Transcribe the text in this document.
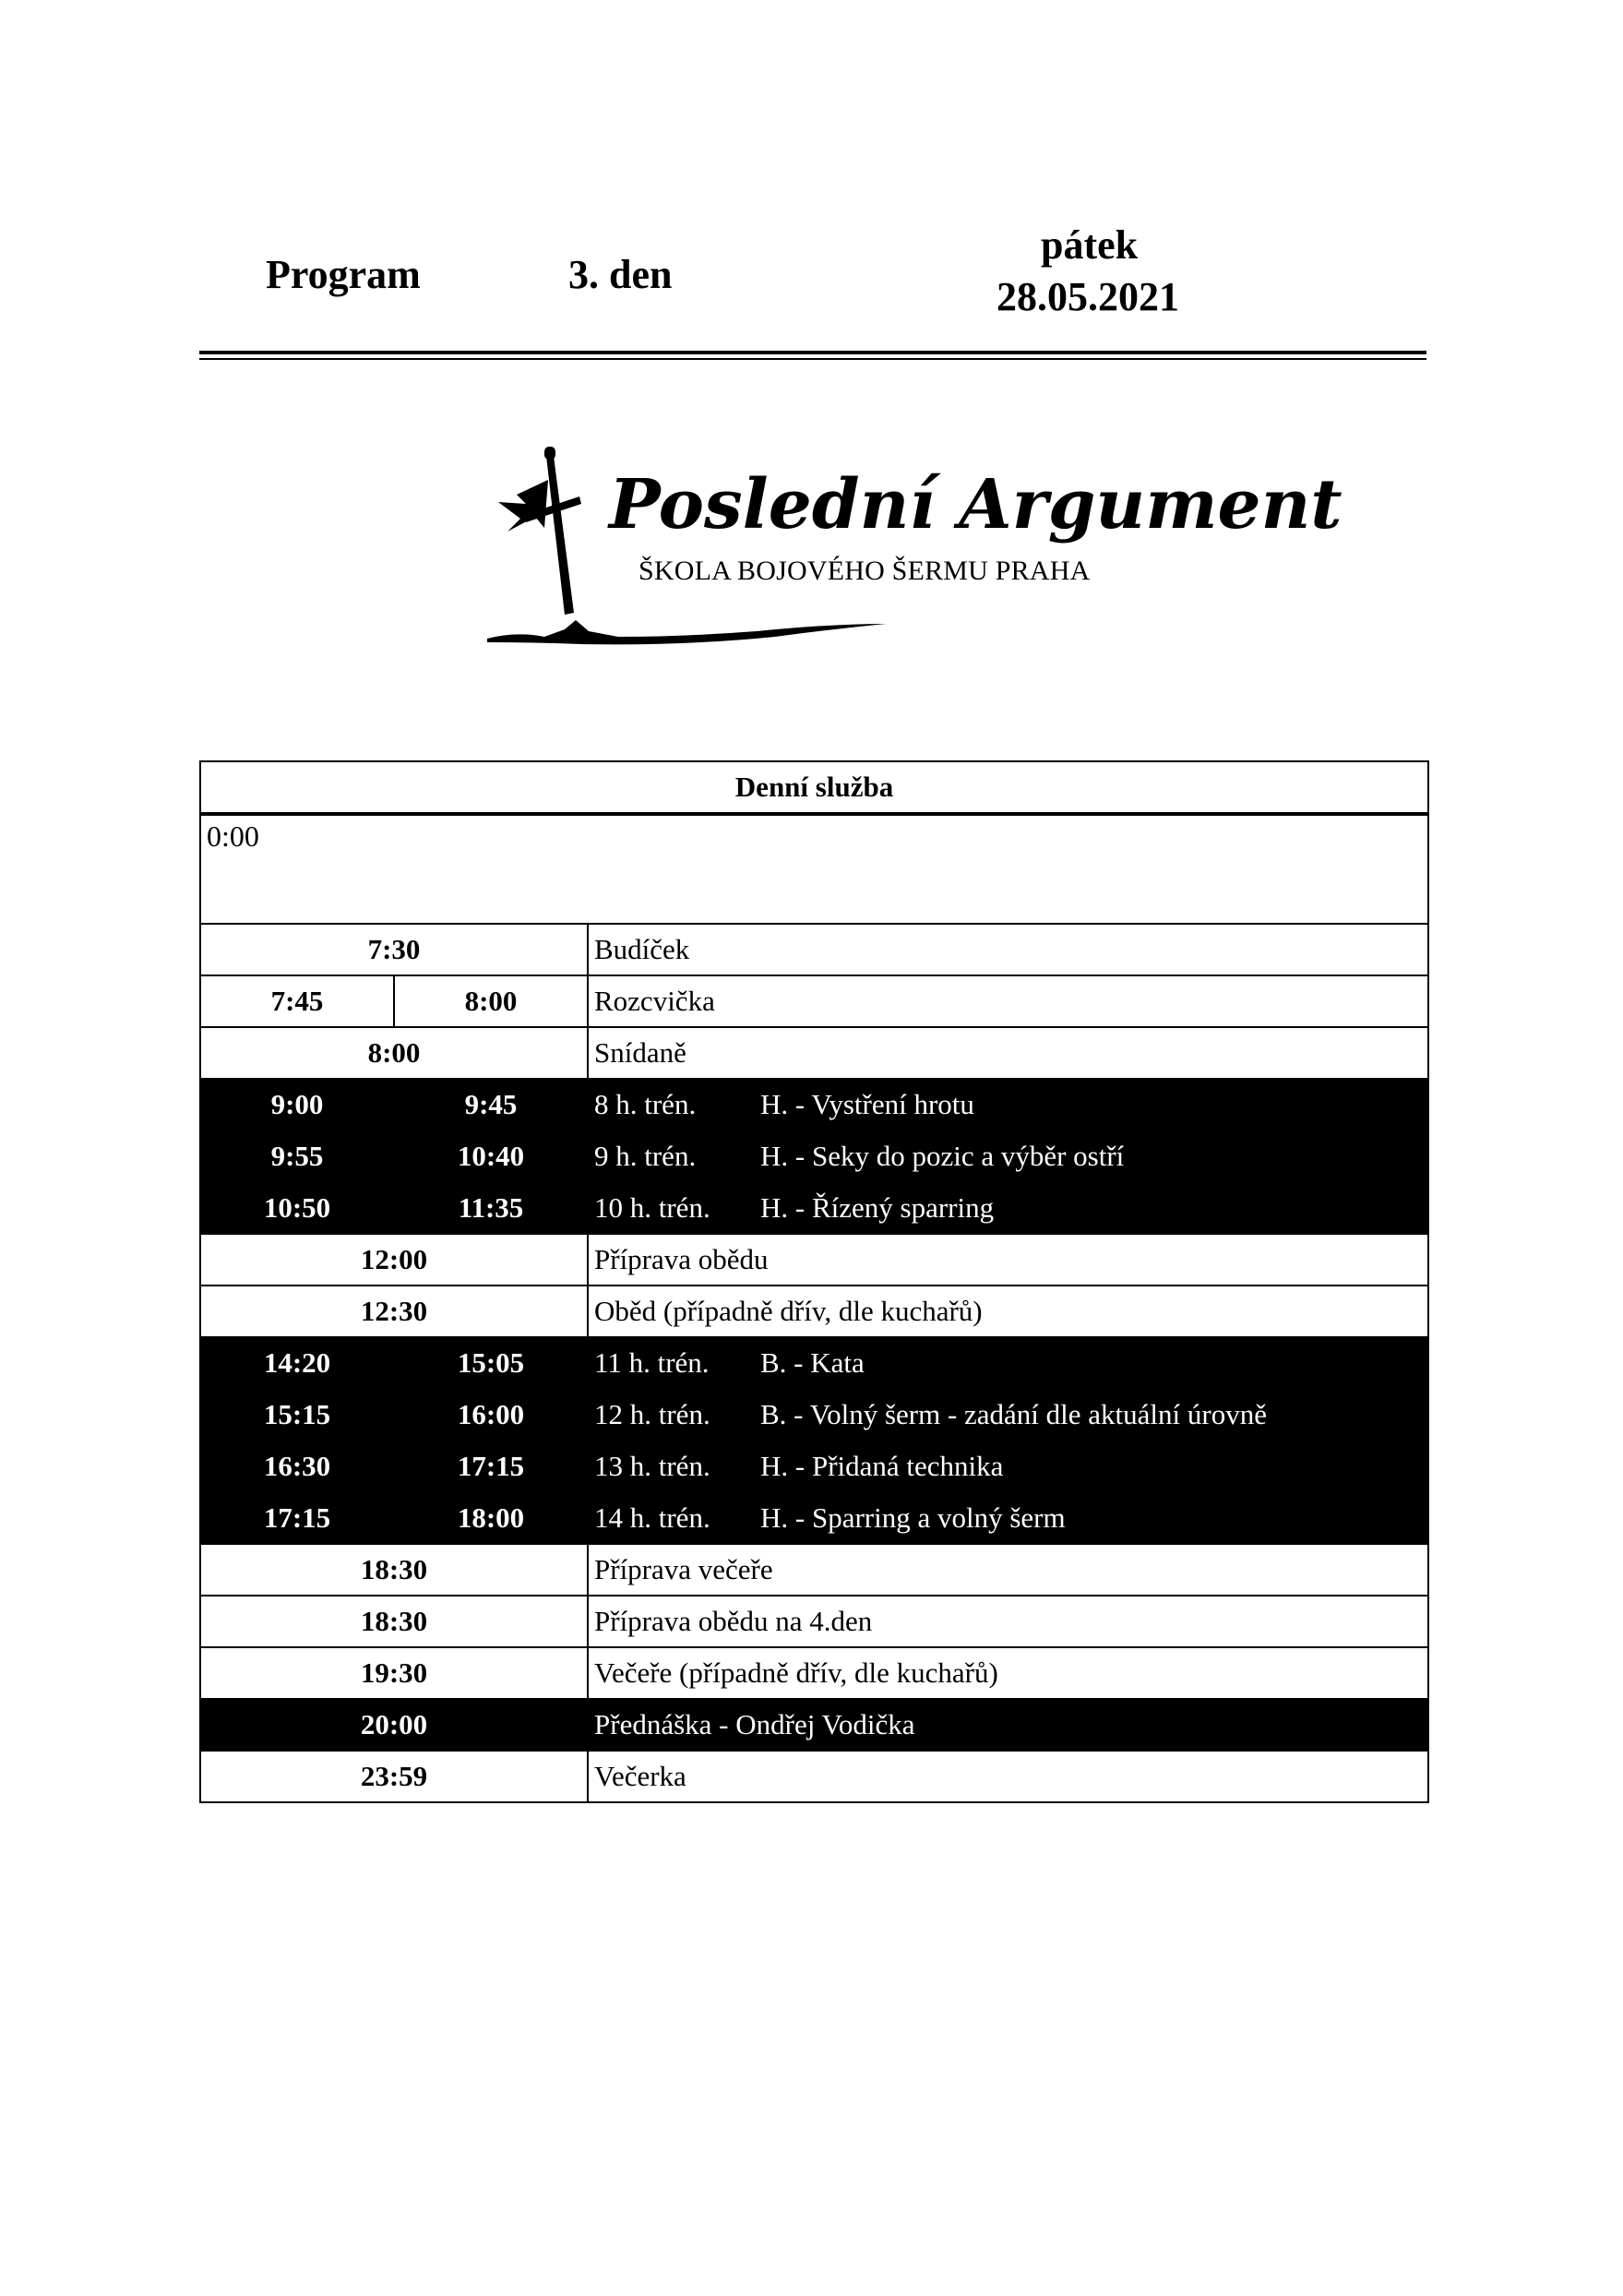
Program	3. den
pátek
28.05.2021
Poslední Argument
ŠKOLA BOJOVÉHO ŠERMU PRAHA
Denní služba		
0:00		
7:30		Budíček
7:45	8:00	Rozcvička
8:00		Snídaně
9:00	9:45	8 h. trén. H. - Vystření hrotu
9:55	10:40	9 h. trén. H. - Seky do pozic a výběr ostří
10:50	11:35	10 h. trén. H. - Řízený sparring
12:00		Příprava obědu
12:30		Oběd (případně dřív, dle kuchařů)
14:20	15:05	11 h. trén. B. - Kata
15:15	16:00	12 h. trén. B. - Volný šerm - zadání dle aktuální úrovně
16:30	17:15	13 h. trén. H. - Přidaná technika
17:15	18:00	14 h. trén. H. - Sparring a volný šerm
18:30		Příprava večeře
18:30		Příprava obědu na 4.den
19:30		Večeře (případně dřív, dle kuchařů)
20:00		Přednáška - Ondřej Vodička
23:59		Večerka
